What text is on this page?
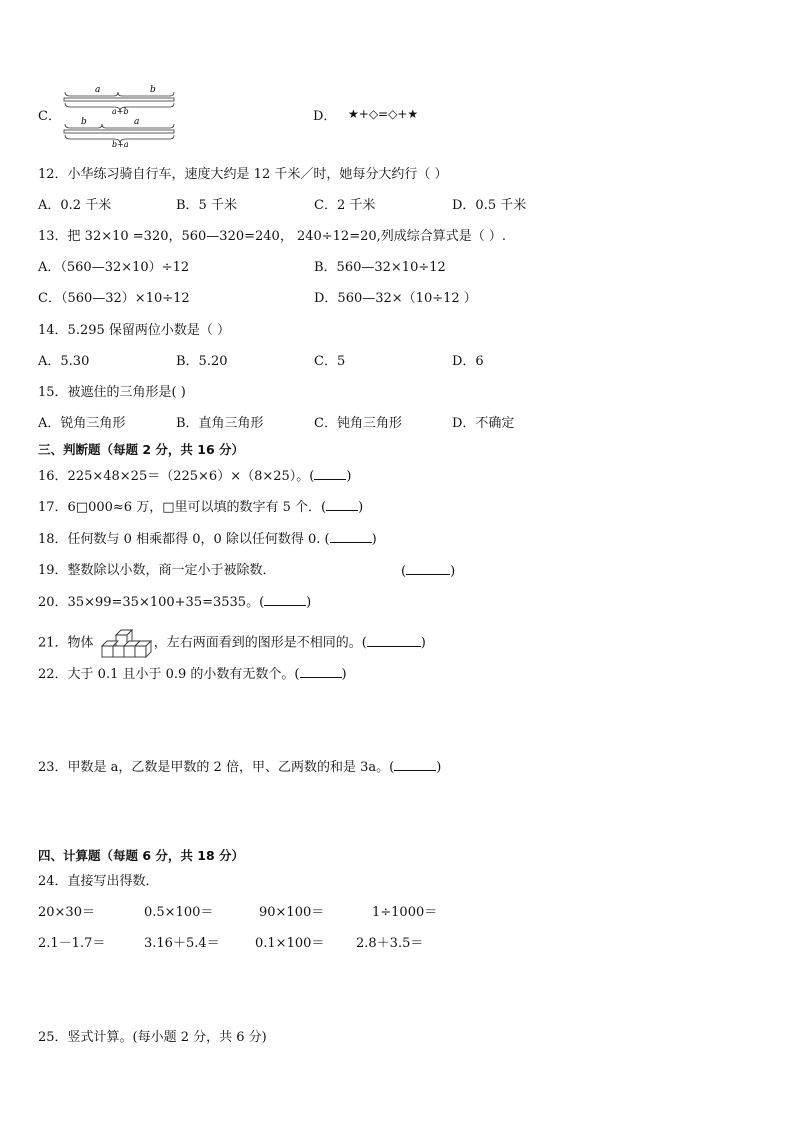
C．
a	b
a+b
b	a
b+a
D． ★+◇=◇+★
12．小华练习骑自行车，速度大约是 12 千米／时，她每分大约行（ ）
A．0.2 千米	B．5 千米	C．2 千米	D．0.5 千米
13．把 32×10 =320，560—320=240， 240÷12=20,列成综合算式是（ ）.
A．（560—32×10）÷12	B．560—32×10÷12
C．（560—32）×10÷12	D．560—32×（10÷12 ）
14．5.295 保留两位小数是（ ）
A．5.30	B．5.20	C．5	D．6
15．被遮住的三角形是( )
A．锐角三角形	B．直角三角形	C．钝角三角形	D．不确定
三、判断题（每题 2 分，共 16 分）
16．225×48×25＝（225×6）×（8×25）。( )
17．6□000≈6 万，□里可以填的数字有 5 个．( )
18．任何数与 0 相乘都得 0，0 除以任何数得 0. (	)
19．整数除以小数，商一定小于被除数．	(	)
20．35×99=35×100+35=3535。(	)
21．物体	，左右两面看到的图形是不相同的。(	)
22．大于 0.1 且小于 0.9 的小数有无数个。(	)
23．甲数是 a，乙数是甲数的 2 倍，甲、乙两数的和是 3a。(	)
四、计算题（每题 6 分，共 18 分）
24．直接写出得数．
20×30＝	0.5×100＝	90×100＝	1÷1000＝
2.1－1.7＝	3.16＋5.4＝	0.1×100＝ 2.8＋3.5＝
25．竖式计算。(每小题 2 分，共 6 分)
